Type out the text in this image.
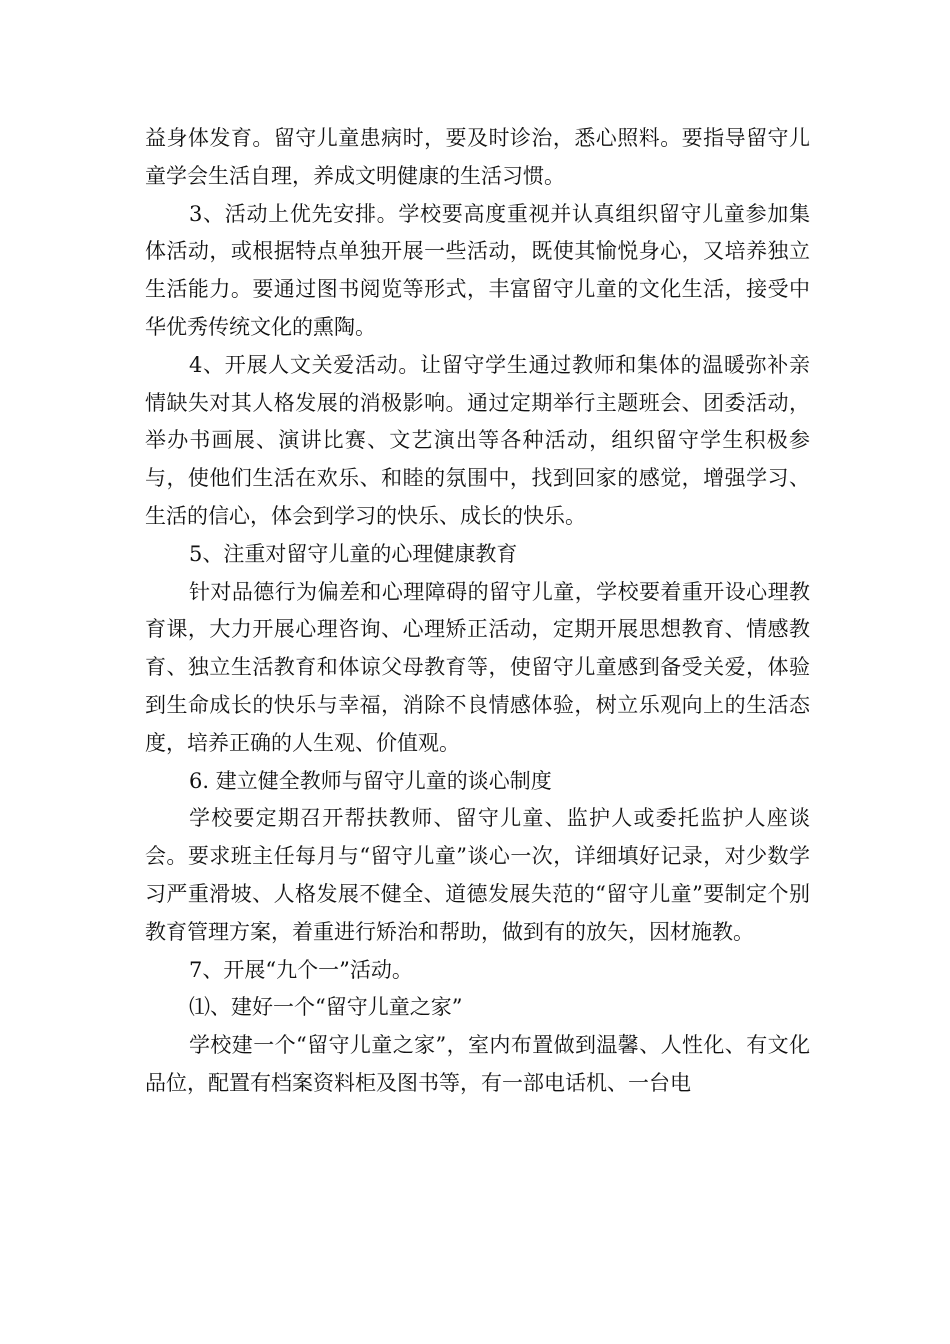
益身体发育。留守儿童患病时，要及时诊治，悉心照料。要指导留守儿童学会生活自理，养成文明健康的生活习惯。

3、活动上优先安排。学校要高度重视并认真组织留守儿童参加集体活动，或根据特点单独开展一些活动，既使其愉悦身心，又培养独立生活能力。要通过图书阅览等形式，丰富留守儿童的文化生活，接受中华优秀传统文化的熏陶。

4、开展人文关爱活动。让留守学生通过教师和集体的温暖弥补亲情缺失对其人格发展的消极影响。通过定期举行主题班会、团委活动，举办书画展、演讲比赛、文艺演出等各种活动，组织留守学生积极参与，使他们生活在欢乐、和睦的氛围中，找到回家的感觉，增强学习、生活的信心，体会到学习的快乐、成长的快乐。

5、注重对留守儿童的心理健康教育

针对品德行为偏差和心理障碍的留守儿童，学校要着重开设心理教育课，大力开展心理咨询、心理矫正活动，定期开展思想教育、情感教育、独立生活教育和体谅父母教育等，使留守儿童感到备受关爱，体验到生命成长的快乐与幸福，消除不良情感体验，树立乐观向上的生活态度，培养正确的人生观、价值观。

6. 建立健全教师与留守儿童的谈心制度

学校要定期召开帮扶教师、留守儿童、监护人或委托监护人座谈会。要求班主任每月与“留守儿童”谈心一次，详细填好记录，对少数学习严重滑坡、人格发展不健全、道德发展失范的“留守儿童”要制定个别教育管理方案，着重进行矫治和帮助，做到有的放矢，因材施教。

7、开展“九个一”活动。

⑴、建好一个“留守儿童之家”

学校建一个“留守儿童之家”，室内布置做到温馨、人性化、有文化品位，配置有档案资料柜及图书等，有一部电话机、一台电
